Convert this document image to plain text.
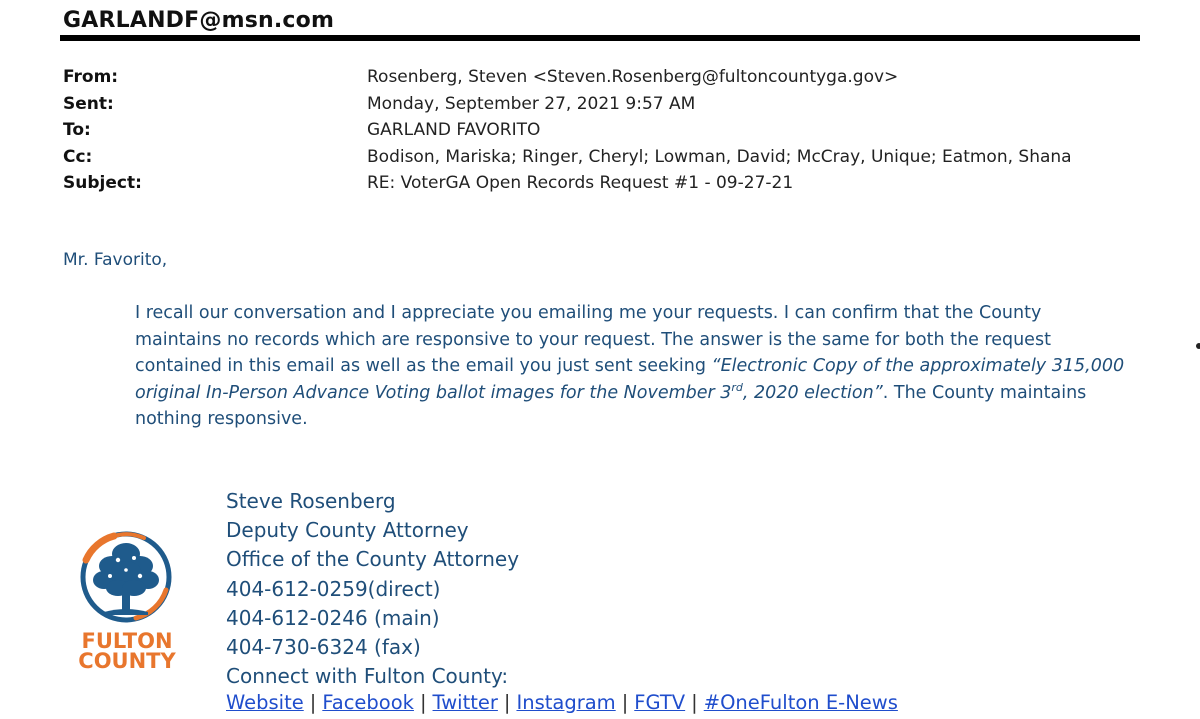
GARLANDF@msn.com
From:	Rosenberg, Steven <Steven.Rosenberg@fultoncountyga.gov>
Sent:	Monday, September 27, 2021 9:57 AM
To:	GARLAND FAVORITO
Cc:	Bodison, Mariska; Ringer, Cheryl; Lowman, David; McCray, Unique; Eatmon, Shana
Subject:	RE: VoterGA Open Records Request #1 - 09-27-21
Mr. Favorito,
I recall our conversation and I appreciate you emailing me your requests. I can confirm that the County
maintains no records which are responsive to your request. The answer is the same for both the request
contained in this email as well as the email you just sent seeking “Electronic Copy of the approximately 315,000
original In-Person Advance Voting ballot images for the November 3rd, 2020 election”. The County maintains
nothing responsive.
FULTON
COUNTY
Steve Rosenberg
Deputy County Attorney
Office of the County Attorney
404-612-0259(direct)
404-612-0246 (main)
404-730-6324 (fax)
Connect with Fulton County:
Website | Facebook | Twitter | Instagram | FGTV | #OneFulton E-News
